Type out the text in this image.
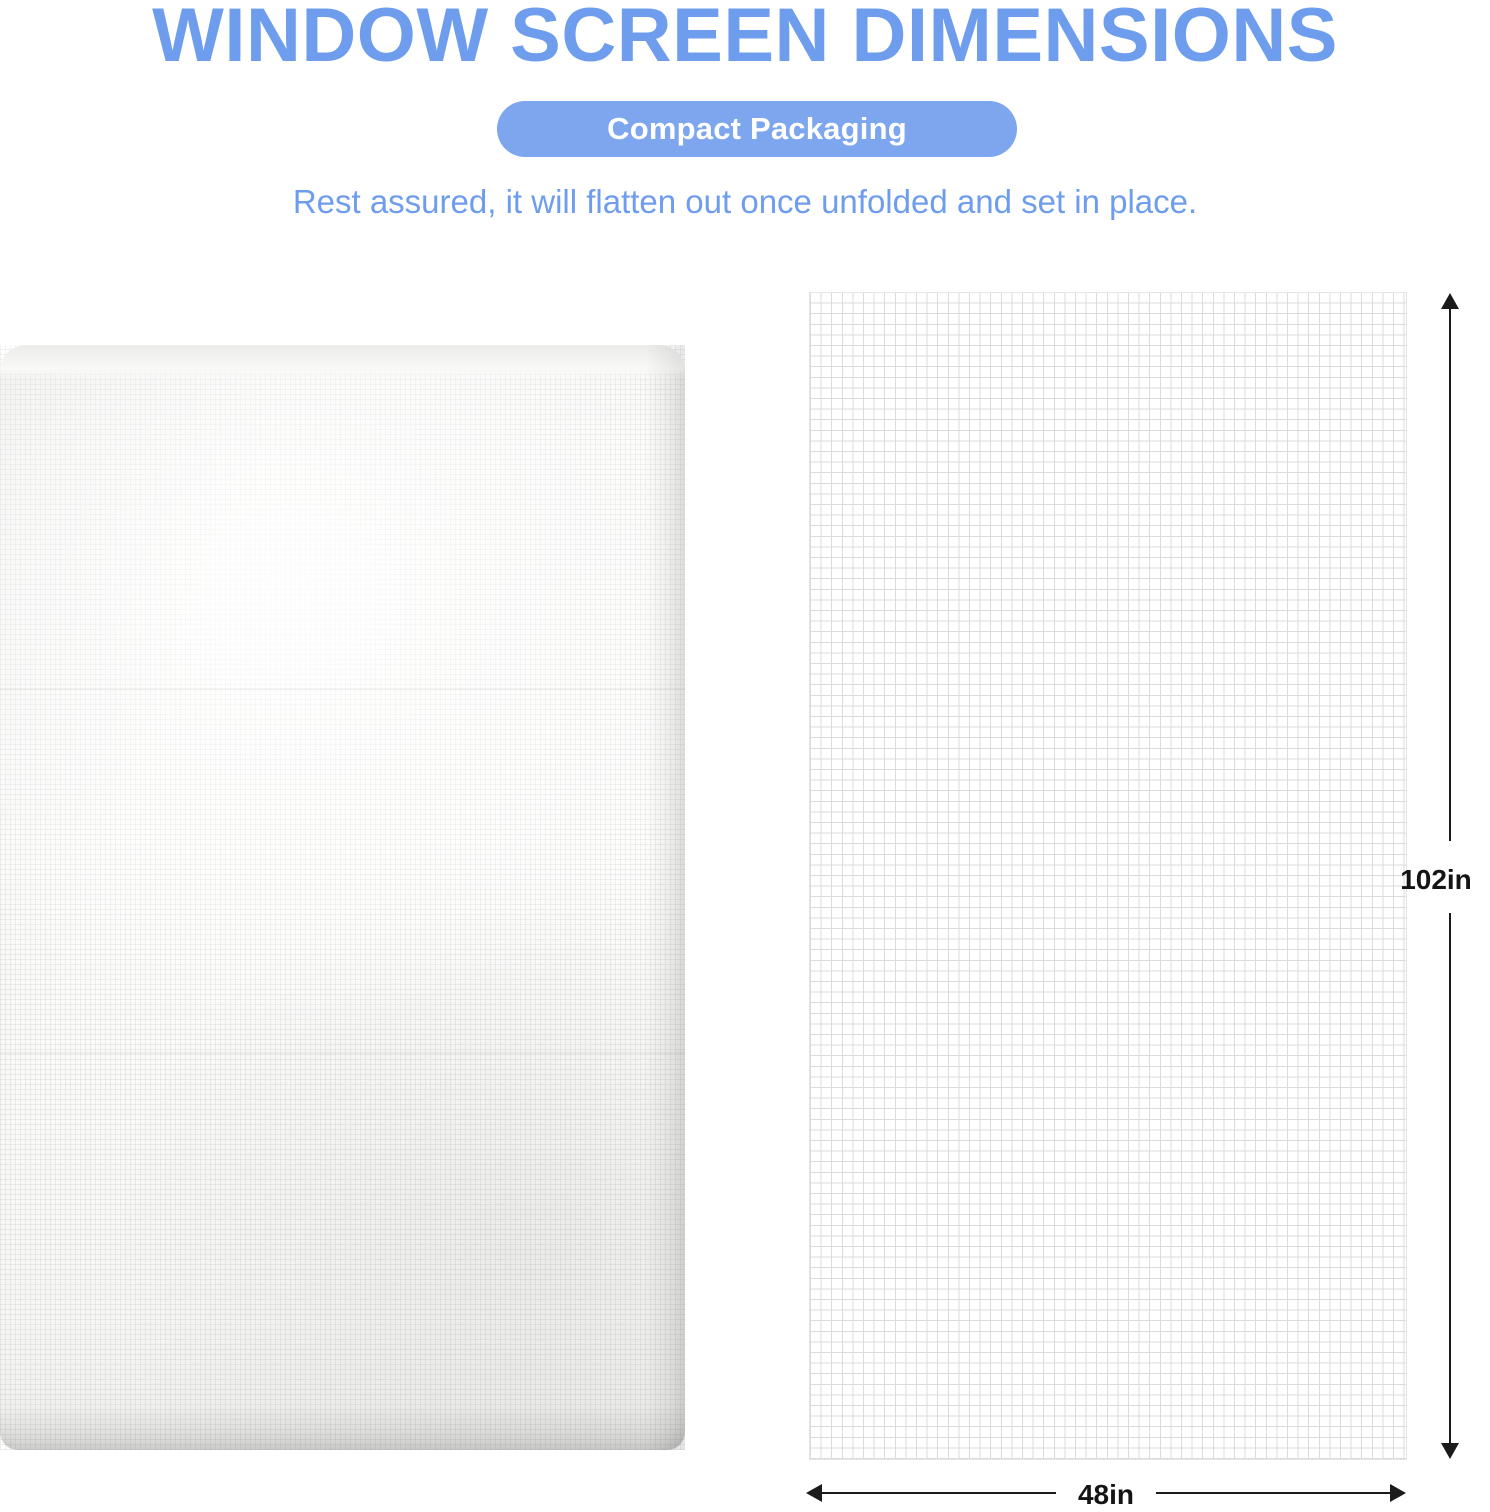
WINDOW SCREEN DIMENSIONS
Compact Packaging
Rest assured, it will flatten out once unfolded and set in place.
102in
48in
